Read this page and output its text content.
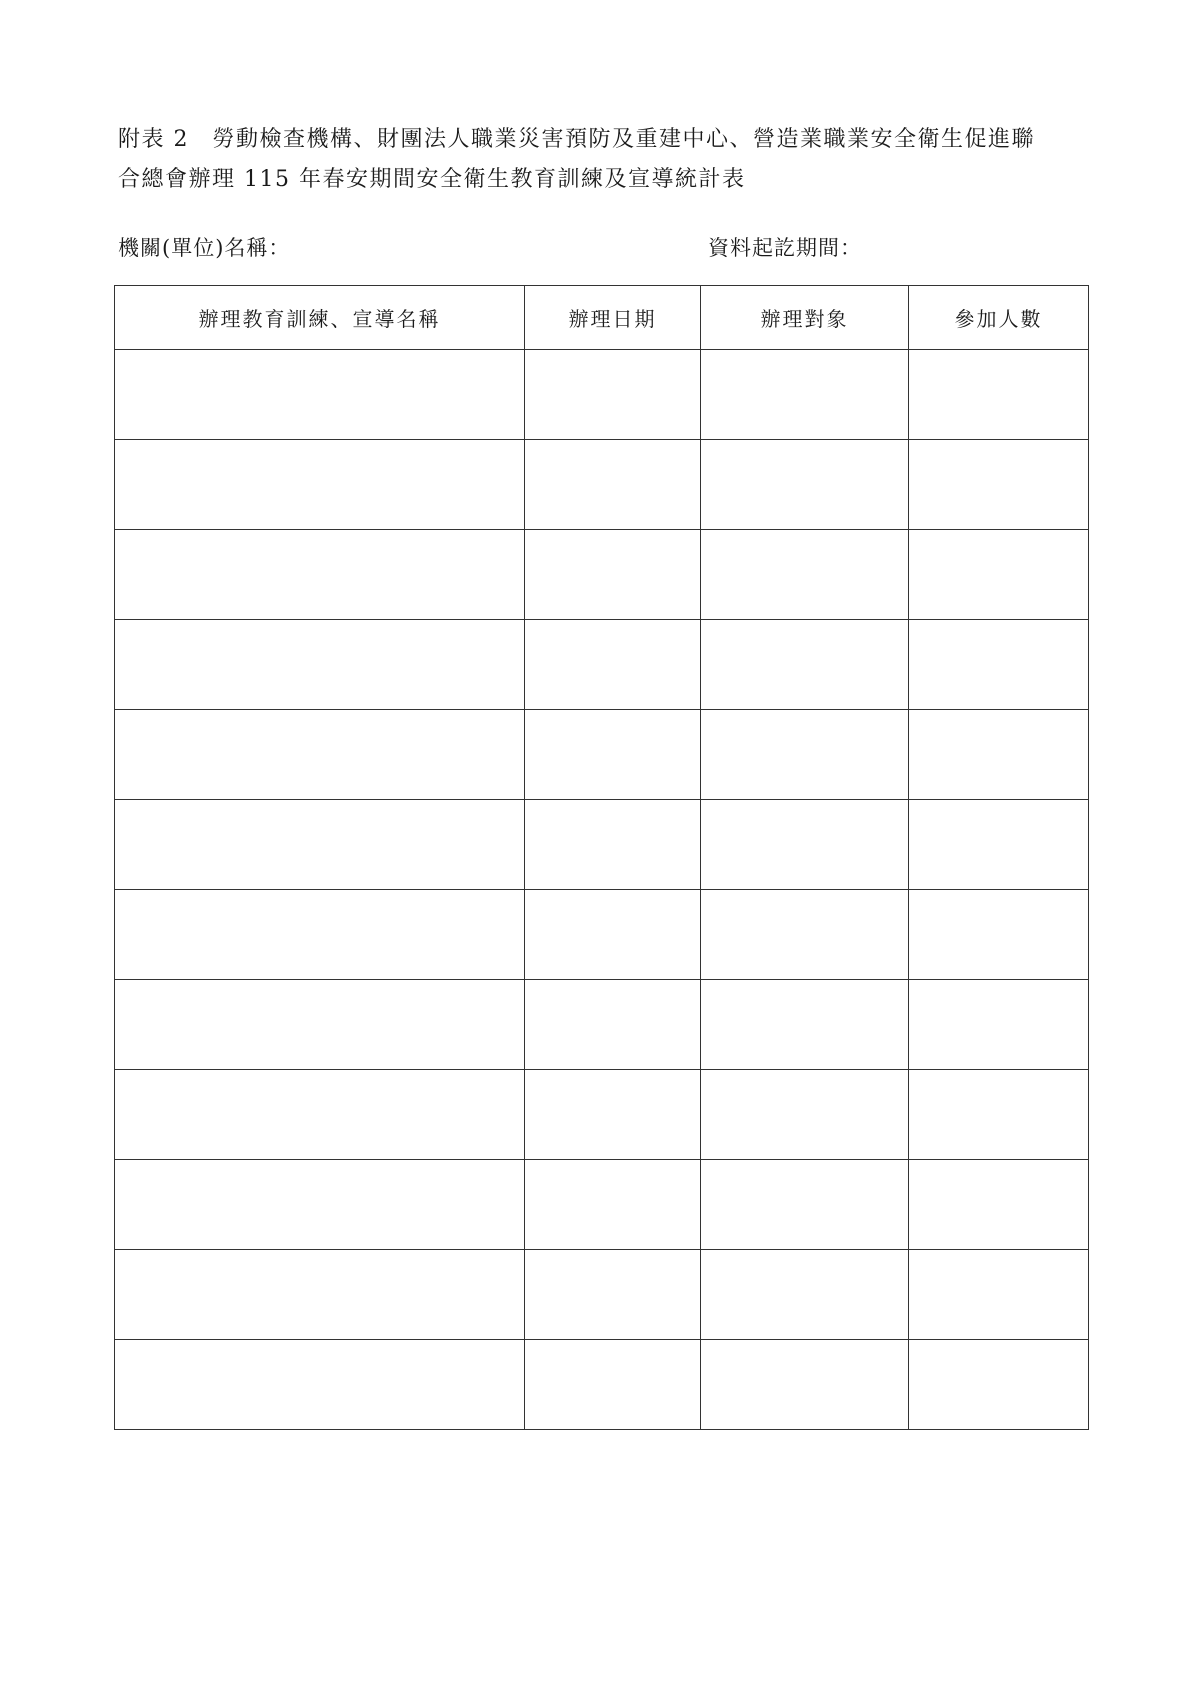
附表 2　勞動檢查機構、財團法人職業災害預防及重建中心、營造業職業安全衛生促進聯
合總會辦理 115 年春安期間安全衛生教育訓練及宣導統計表
機關(單位)名稱：	資料起訖期間：
辦理教育訓練、宣導名稱	辦理日期	辦理對象	參加人數
